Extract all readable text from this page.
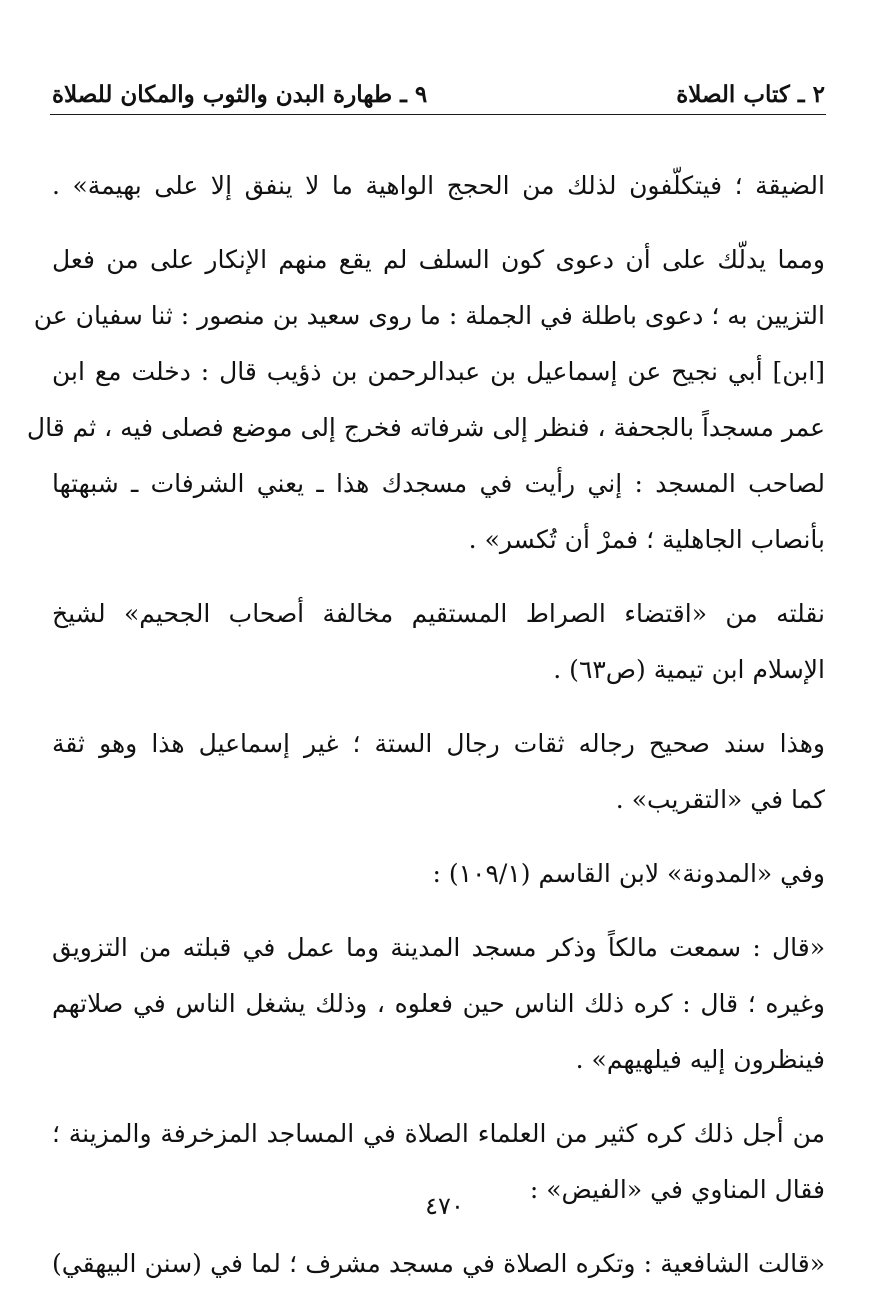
٢ ـ كتاب الصلاة
٩ ـ طهارة البدن والثوب والمكان للصلاة
الضيقة ؛ فيتكلّفون لذلك من الحجج الواهية ما لا ينفق إلا على بهيمة» .
ومما يدلّك على أن دعوى كون السلف لم يقع منهم الإنكار على من فعل
التزيين به ؛ دعوى باطلة في الجملة : ما روى سعيد بن منصور : ثنا سفيان عن
[ابن] أبي نجيح عن إسماعيل بن عبدالرحمن بن ذؤيب قال : دخلت مع ابن
عمر مسجداً بالجحفة ، فنظر إلى شرفاته فخرج إلى موضع فصلى فيه ، ثم قال
لصاحب المسجد : إني رأيت في مسجدك هذا ـ يعني الشرفات ـ شبهتها
بأنصاب الجاهلية ؛ فمرْ أن تُكسر» .
نقلته من «اقتضاء الصراط المستقيم مخالفة أصحاب الجحيم» لشيخ
الإسلام ابن تيمية (ص٦٣) .
وهذا سند صحيح رجاله ثقات رجال الستة ؛ غير إسماعيل هذا وهو ثقة
كما في «التقريب» .
وفي «المدونة» لابن القاسم (١٠٩/١) :
«قال : سمعت مالكاً وذكر مسجد المدينة وما عمل في قبلته من التزويق
وغيره ؛ قال : كره ذلك الناس حين فعلوه ، وذلك يشغل الناس في صلاتهم
فينظرون إليه فيلهيهم» .
من أجل ذلك كره كثير من العلماء الصلاة في المساجد المزخرفة والمزينة ؛
فقال المناوي في «الفيض» :
«قالت الشافعية : وتكره الصلاة في مسجد مشرف ؛ لما في (سنن البيهقي)
٤٧٠
